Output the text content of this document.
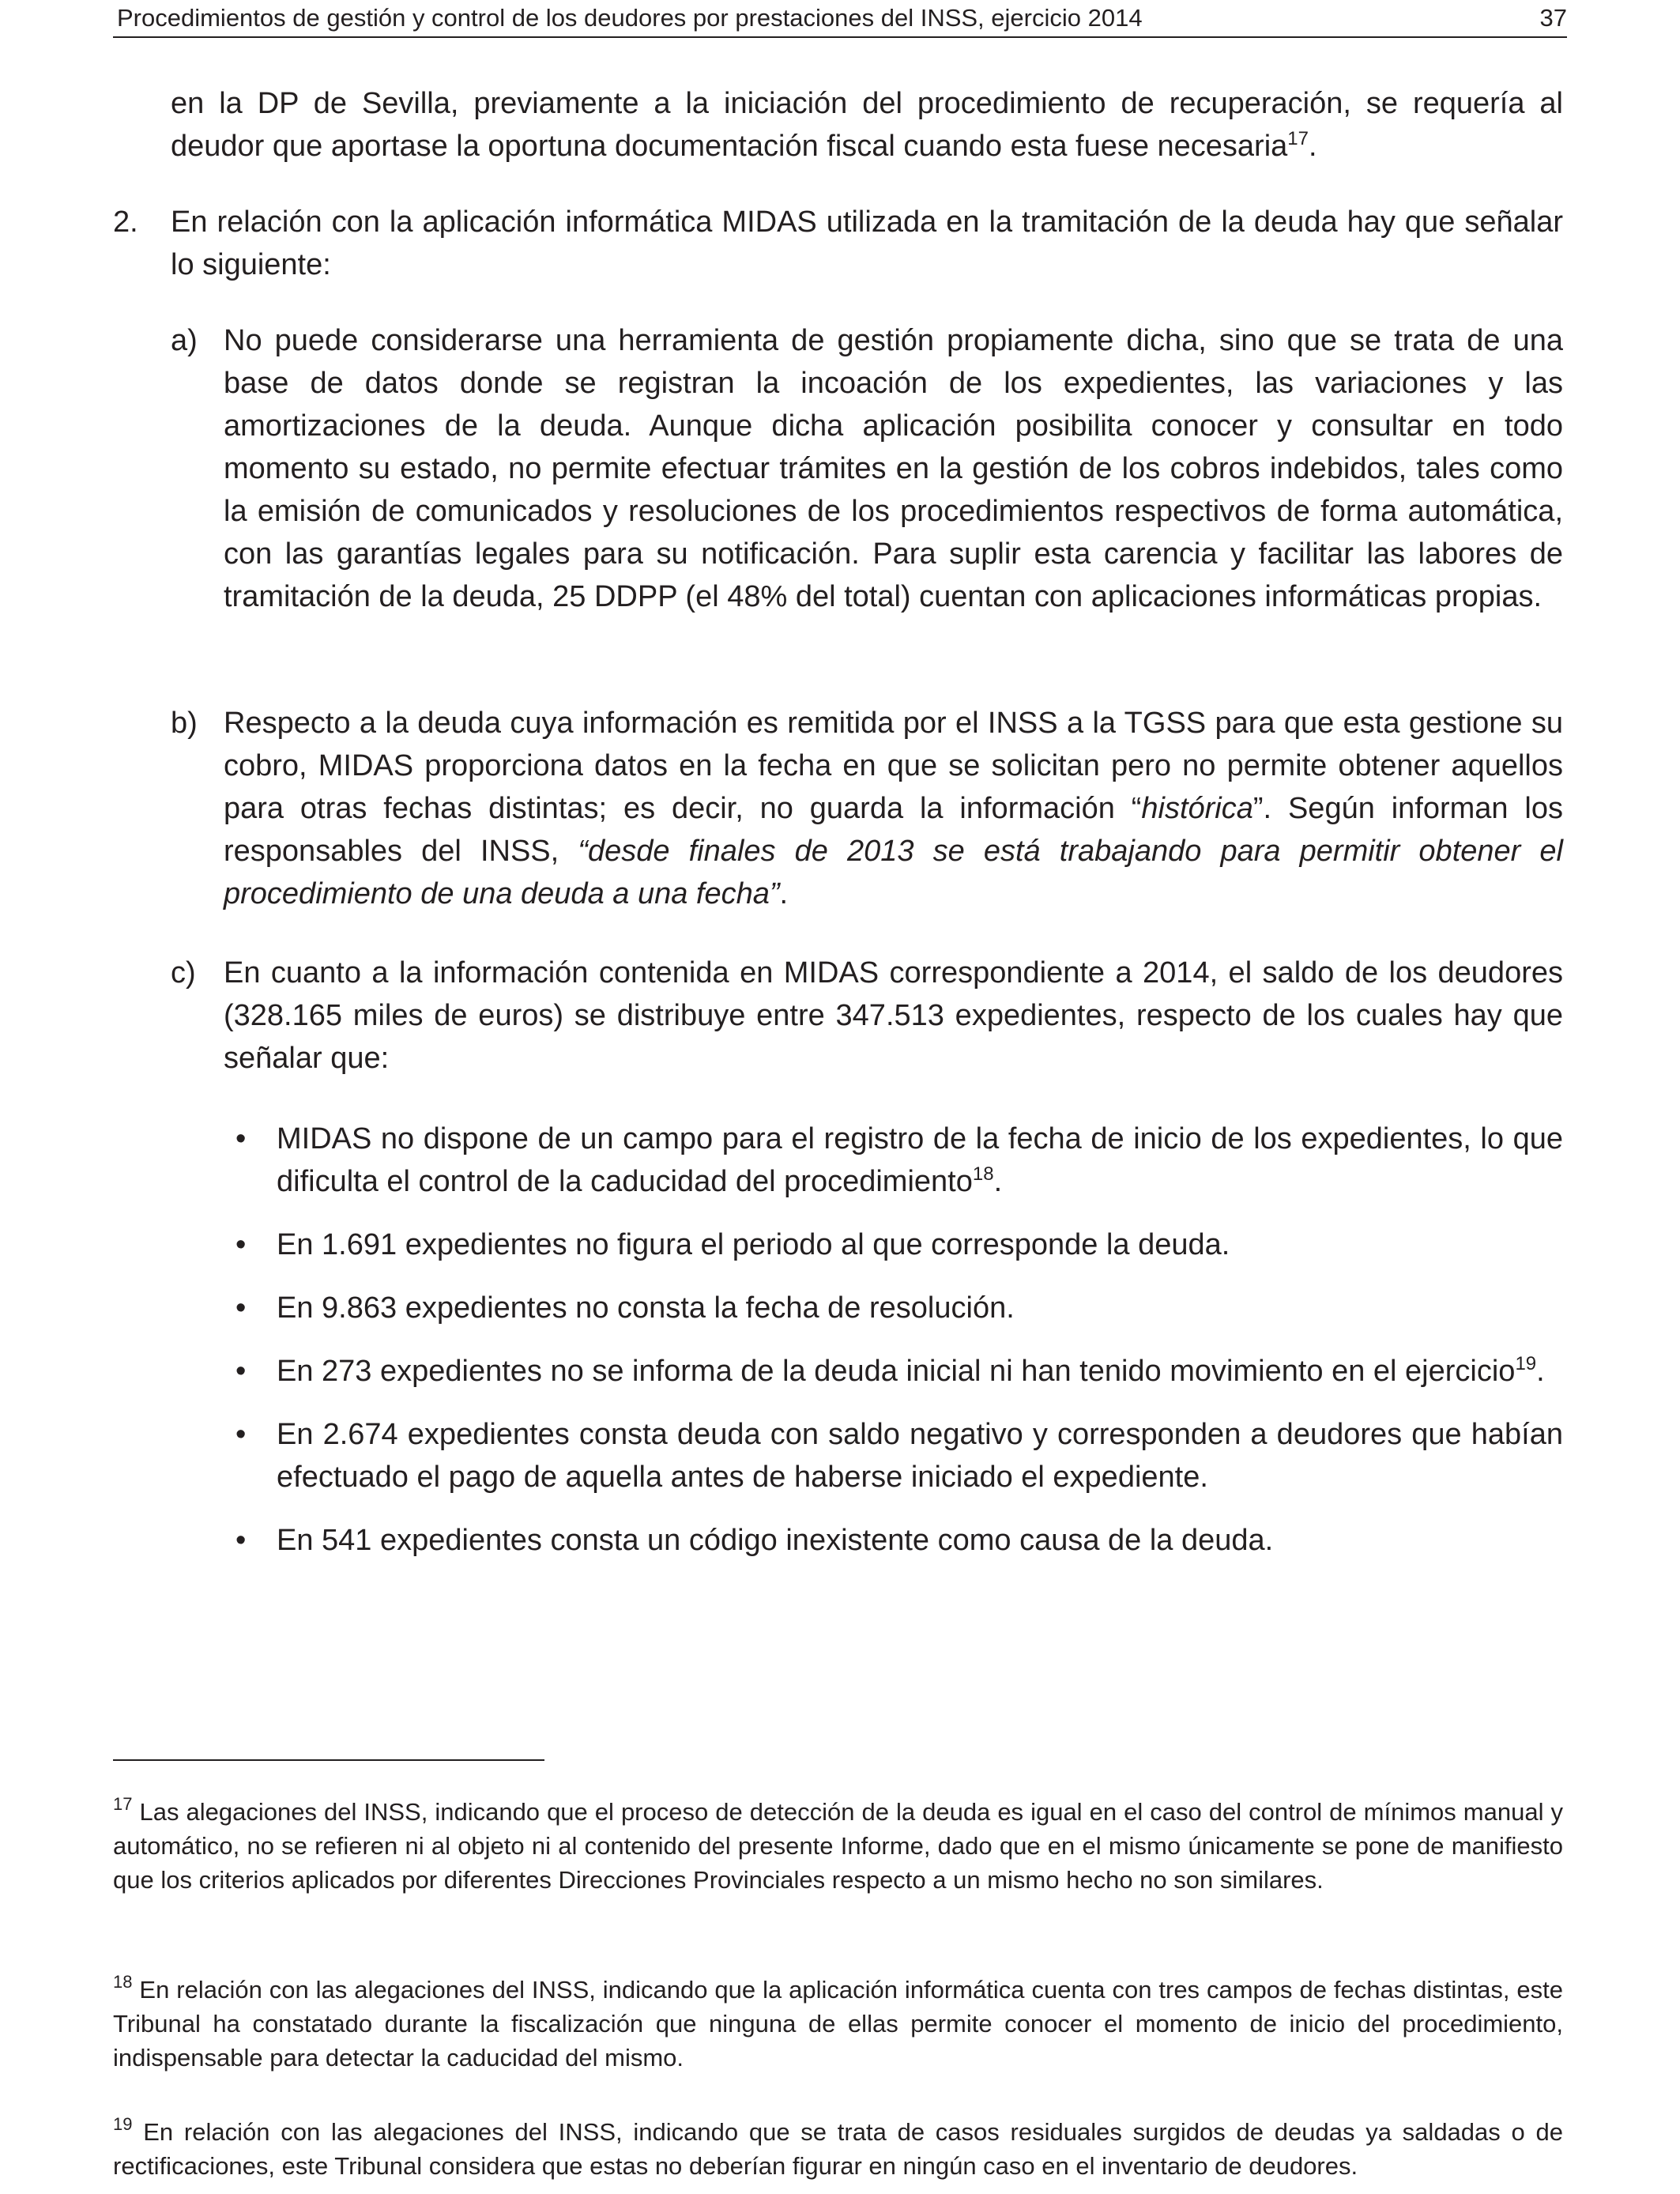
Procedimientos de gestión y control de los deudores por prestaciones del INSS, ejercicio 2014	37
en la DP de Sevilla, previamente a la iniciación del procedimiento de recuperación, se requería al deudor que aportase la oportuna documentación fiscal cuando esta fuese necesaria$^{17}$.
2. En relación con la aplicación informática MIDAS utilizada en la tramitación de la deuda hay que señalar lo siguiente:
a) No puede considerarse una herramienta de gestión propiamente dicha, sino que se trata de una base de datos donde se registran la incoación de los expedientes, las variaciones y las amortizaciones de la deuda. Aunque dicha aplicación posibilita conocer y consultar en todo momento su estado, no permite efectuar trámites en la gestión de los cobros indebidos, tales como la emisión de comunicados y resoluciones de los procedimientos respectivos de forma automática, con las garantías legales para su notificación. Para suplir esta carencia y facilitar las labores de tramitación de la deuda, 25 DDPP (el 48% del total) cuentan con aplicaciones informáticas propias.
b) Respecto a la deuda cuya información es remitida por el INSS a la TGSS para que esta gestione su cobro, MIDAS proporciona datos en la fecha en que se solicitan pero no permite obtener aquellos para otras fechas distintas; es decir, no guarda la información “histórica”. Según informan los responsables del INSS, “desde finales de 2013 se está trabajando para permitir obtener el procedimiento de una deuda a una fecha”.
c) En cuanto a la información contenida en MIDAS correspondiente a 2014, el saldo de los deudores (328.165 miles de euros) se distribuye entre 347.513 expedientes, respecto de los cuales hay que señalar que:
• MIDAS no dispone de un campo para el registro de la fecha de inicio de los expedientes, lo que dificulta el control de la caducidad del procedimiento$^{18}$.
• En 1.691 expedientes no figura el periodo al que corresponde la deuda.
• En 9.863 expedientes no consta la fecha de resolución.
• En 273 expedientes no se informa de la deuda inicial ni han tenido movimiento en el ejercicio$^{19}$.
• En 2.674 expedientes consta deuda con saldo negativo y corresponden a deudores que habían efectuado el pago de aquella antes de haberse iniciado el expediente.
• En 541 expedientes consta un código inexistente como causa de la deuda.
$^{17}$ Las alegaciones del INSS, indicando que el proceso de detección de la deuda es igual en el caso del control de mínimos manual y automático, no se refieren ni al objeto ni al contenido del presente Informe, dado que en el mismo únicamente se pone de manifiesto que los criterios aplicados por diferentes Direcciones Provinciales respecto a un mismo hecho no son similares.
$^{18}$ En relación con las alegaciones del INSS, indicando que la aplicación informática cuenta con tres campos de fechas distintas, este Tribunal ha constatado durante la fiscalización que ninguna de ellas permite conocer el momento de inicio del procedimiento, indispensable para detectar la caducidad del mismo.
$^{19}$ En relación con las alegaciones del INSS, indicando que se trata de casos residuales surgidos de deudas ya saldadas o de rectificaciones, este Tribunal considera que estas no deberían figurar en ningún caso en el inventario de deudores.
